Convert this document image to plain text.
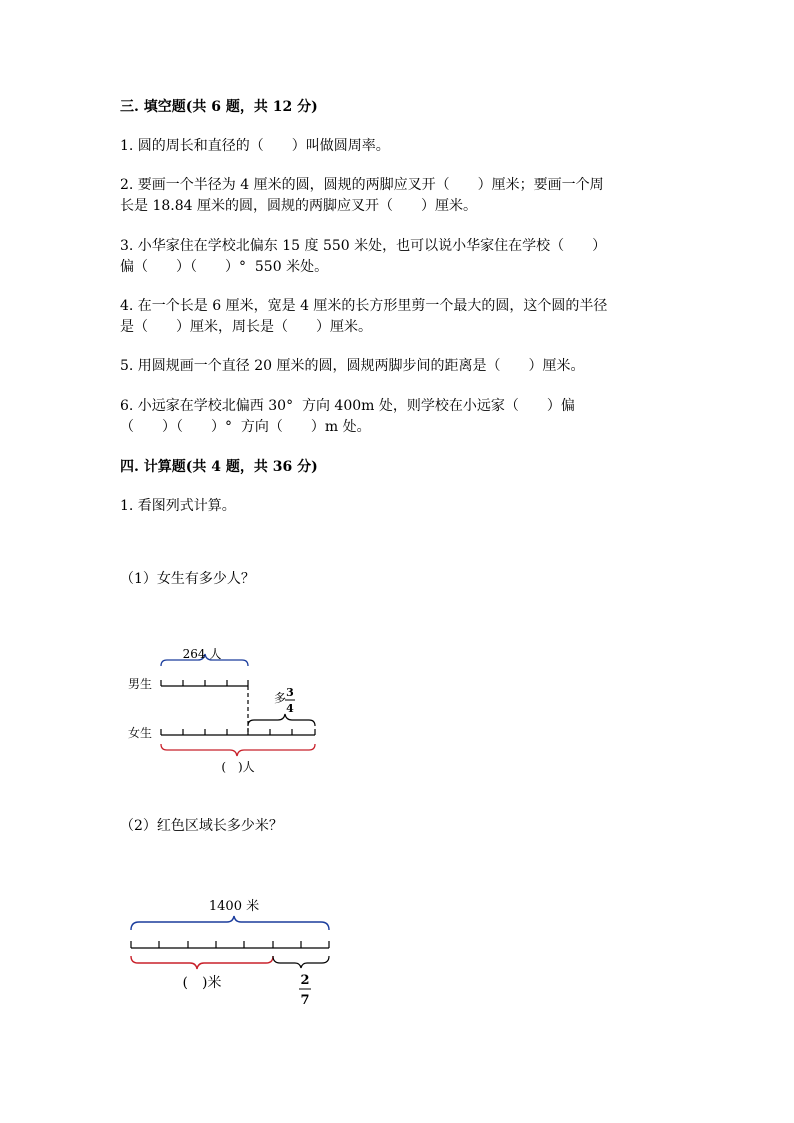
三. 填空题(共 6 题，共 12 分)
1. 圆的周长和直径的（　　）叫做圆周率。
2. 要画一个半径为 4 厘米的圆，圆规的两脚应叉开（　　）厘米；要画一个周
长是 18.84 厘米的圆，圆规的两脚应叉开（　　）厘米。
3. 小华家住在学校北偏东 15 度 550 米处，也可以说小华家住在学校（　　）
偏（　　）（　　）°  550 米处。
4. 在一个长是 6 厘米，宽是 4 厘米的长方形里剪一个最大的圆，这个圆的半径
是（　　）厘米，周长是（　　）厘米。
5. 用圆规画一个直径 20 厘米的圆，圆规两脚步间的距离是（　　）厘米。
6. 小远家在学校北偏西 30°  方向 400m 处，则学校在小远家（　　）偏
（　　）（　　）°  方向（　　）m 处。
四. 计算题(共 4 题，共 36 分)
1. 看图列式计算。
（1）女生有多少人？
264 人
男生
多 3
4
女生
(　)人
（2）红色区域长多少米？
1400 米
(　)米	2
7
